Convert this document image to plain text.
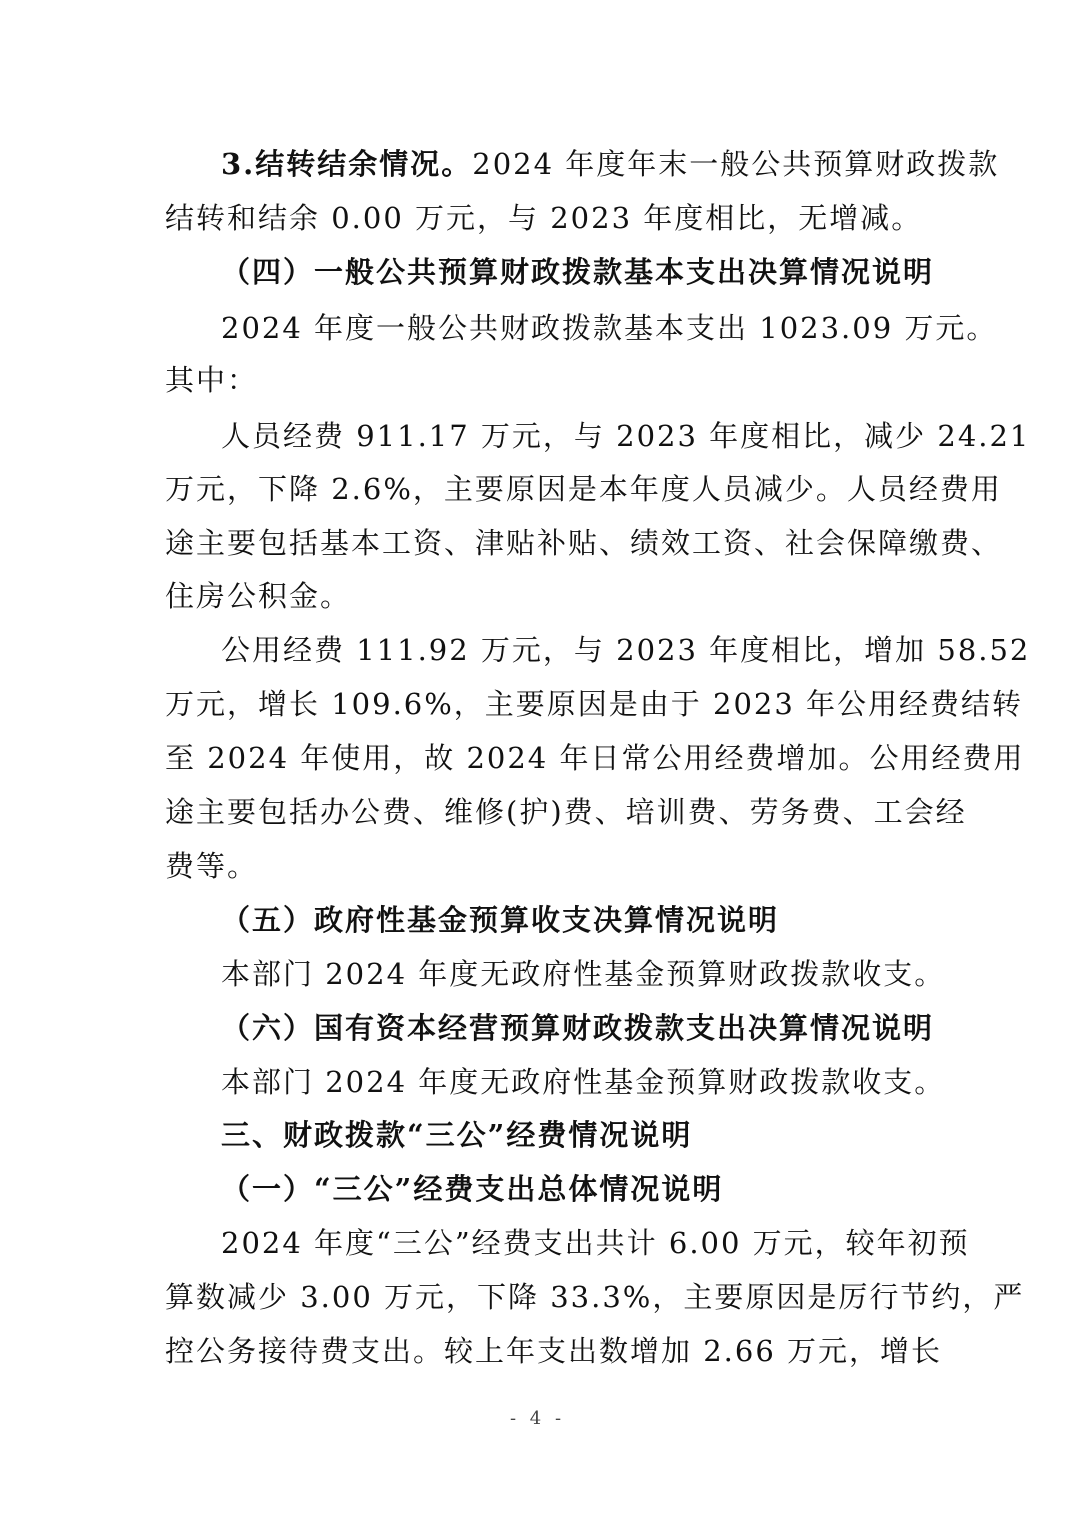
3.结转结余情况。2024 年度年末一般公共预算财政拨款
结转和结余 0.00 万元，与 2023 年度相比，无增减。
（四）一般公共预算财政拨款基本支出决算情况说明
2024 年度一般公共财政拨款基本支出 1023.09 万元。
其中：
人员经费 911.17 万元，与 2023 年度相比，减少 24.21
万元，下降 2.6%，主要原因是本年度人员减少。人员经费用
途主要包括基本工资、津贴补贴、绩效工资、社会保障缴费、
住房公积金。
公用经费 111.92 万元，与 2023 年度相比，增加 58.52
万元，增长 109.6%，主要原因是由于 2023 年公用经费结转
至 2024 年使用，故 2024 年日常公用经费增加。公用经费用
途主要包括办公费、维修(护)费、培训费、劳务费、工会经
费等。
（五）政府性基金预算收支决算情况说明
本部门 2024 年度无政府性基金预算财政拨款收支。
（六）国有资本经营预算财政拨款支出决算情况说明
本部门 2024 年度无政府性基金预算财政拨款收支。
三、财政拨款“三公”经费情况说明
（一）“三公”经费支出总体情况说明
2024 年度“三公”经费支出共计 6.00 万元，较年初预
算数减少 3.00 万元，下降 33.3%，主要原因是厉行节约，严
控公务接待费支出。较上年支出数增加 2.66 万元，增长
- 4 -
